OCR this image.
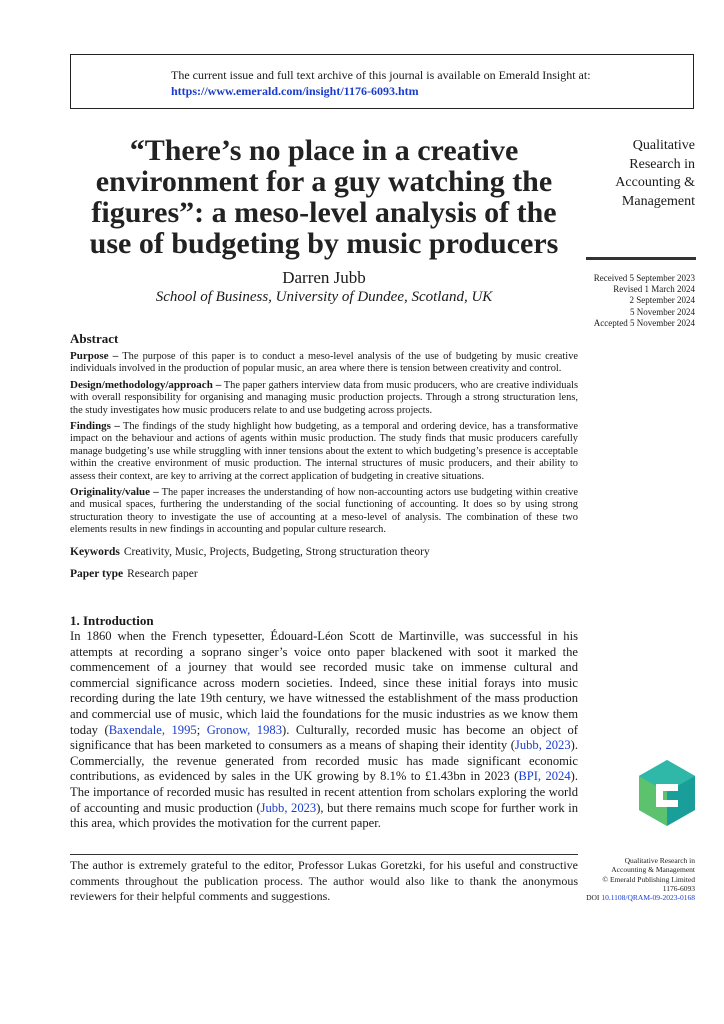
The current issue and full text archive of this journal is available on Emerald Insight at:
https://www.emerald.com/insight/1176-6093.htm
“There’s no place in a creative
environment for a guy watching the
figures”: a meso-level analysis of the
use of budgeting by music producers
Darren Jubb
School of Business, University of Dundee, Scotland, UK
Qualitative
Research in
Accounting &
Management
Received 5 September 2023
Revised 1 March 2024
2 September 2024
5 November 2024
Accepted 5 November 2024
Abstract

Purpose – The purpose of this paper is to conduct a meso-level analysis of the use of budgeting by music creative individuals involved in the production of popular music, an area where there is tension between creativity and control.

Design/methodology/approach – The paper gathers interview data from music producers, who are creative individuals with overall responsibility for organising and managing music production projects. Through a strong structuration lens, the study investigates how music producers relate to and use budgeting across projects.

Findings – The findings of the study highlight how budgeting, as a temporal and ordering device, has a transformative impact on the behaviour and actions of agents within music production. The study finds that music producers carefully manage budgeting’s use while struggling with inner tensions about the extent to which budgeting’s presence is acceptable within the creative environment of music production. The internal structures of music producers, and their ability to assess their context, are key to arriving at the correct application of budgeting in creative situations.

Originality/value – The paper increases the understanding of how non-accounting actors use budgeting within creative and musical spaces, furthering the understanding of the social functioning of accounting. It does so by using strong structuration theory to investigate the use of accounting at a meso-level of analysis. The combination of these two elements results in new findings in accounting and popular culture research.

Keywords Creativity, Music, Projects, Budgeting, Strong structuration theory
Paper type Research paper
1. Introduction

In 1860 when the French typesetter, Édouard-Léon Scott de Martinville, was successful in his attempts at recording a soprano singer’s voice onto paper blackened with soot it marked the commencement of a journey that would see recorded music take on immense cultural and commercial significance across modern societies. Indeed, since these initial forays into music recording during the late 19th century, we have witnessed the establishment of the mass production and commercial use of music, which laid the foundations for the music industries as we know them today (Baxendale, 1995; Gronow, 1983). Culturally, recorded music has become an object of significance that has been marketed to consumers as a means of shaping their identity (Jubb, 2023). Commercially, the revenue generated from recorded music has made significant economic contributions, as evidenced by sales in the UK growing by 8.1% to £1.43bn in 2023 (BPI, 2024). The importance of recorded music has resulted in recent attention from scholars exploring the world of accounting and music production (Jubb, 2023), but there remains much scope for further work in this area, which provides the motivation for the current paper.

The author is extremely grateful to the editor, Professor Lukas Goretzki, for his useful and constructive comments throughout the publication process. The author would also like to thank the anonymous reviewers for their helpful comments and suggestions.
Qualitative Research in
Accounting & Management
© Emerald Publishing Limited
1176-6093
DOI 10.1108/QRAM-09-2023-0168
